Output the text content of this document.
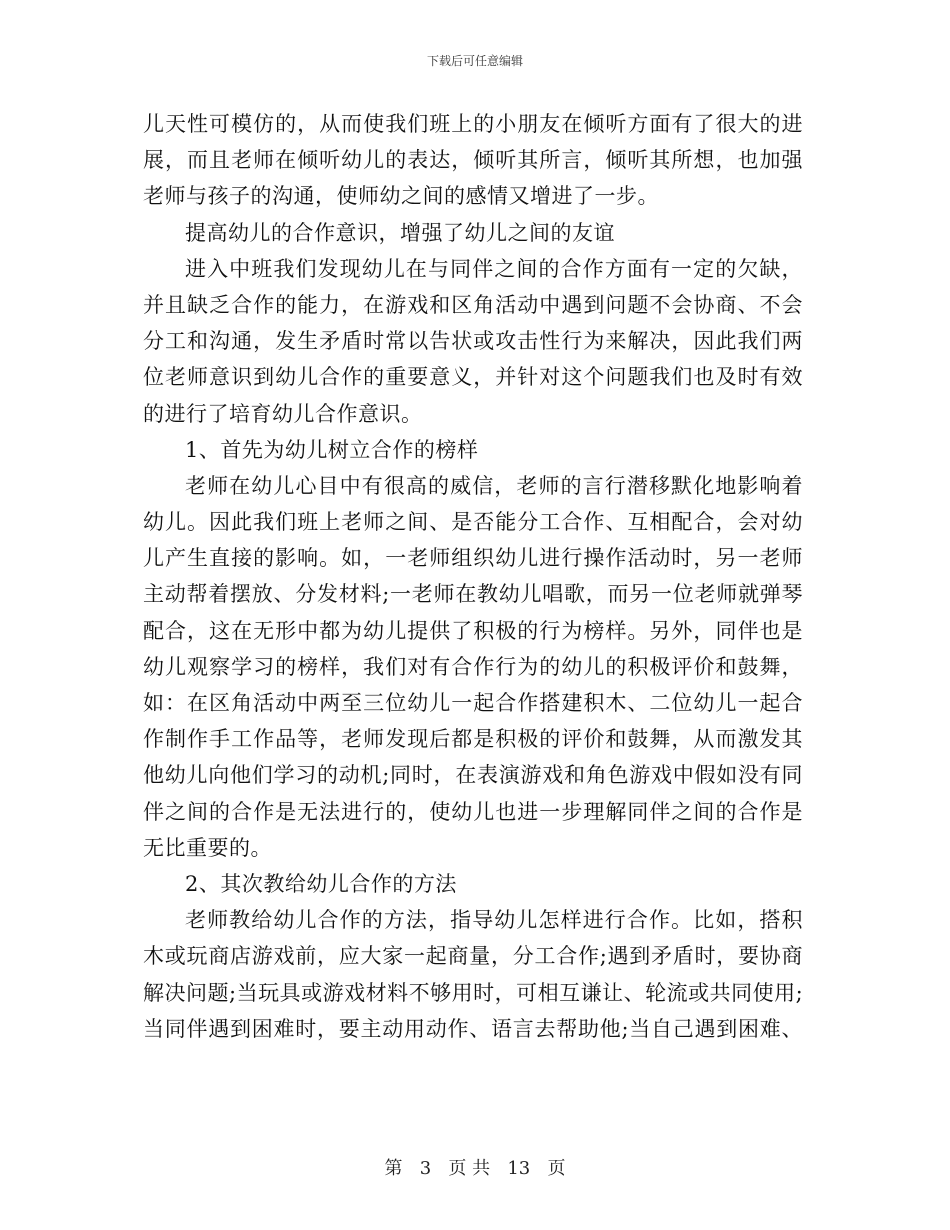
下载后可任意编辑
儿天性可模仿的，从而使我们班上的小朋友在倾听方面有了很大的进
展，而且老师在倾听幼儿的表达，倾听其所言，倾听其所想，也加强
老师与孩子的沟通，使师幼之间的感情又增进了一步。
提高幼儿的合作意识，增强了幼儿之间的友谊
进入中班我们发现幼儿在与同伴之间的合作方面有一定的欠缺，
并且缺乏合作的能力，在游戏和区角活动中遇到问题不会协商、不会
分工和沟通，发生矛盾时常以告状或攻击性行为来解决，因此我们两
位老师意识到幼儿合作的重要意义，并针对这个问题我们也及时有效
的进行了培育幼儿合作意识。
1、首先为幼儿树立合作的榜样
老师在幼儿心目中有很高的威信，老师的言行潜移默化地影响着
幼儿。因此我们班上老师之间、是否能分工合作、互相配合，会对幼
儿产生直接的影响。如，一老师组织幼儿进行操作活动时，另一老师
主动帮着摆放、分发材料;一老师在教幼儿唱歌，而另一位老师就弹琴
配合，这在无形中都为幼儿提供了积极的行为榜样。另外，同伴也是
幼儿观察学习的榜样，我们对有合作行为的幼儿的积极评价和鼓舞，
如：在区角活动中两至三位幼儿一起合作搭建积木、二位幼儿一起合
作制作手工作品等，老师发现后都是积极的评价和鼓舞，从而激发其
他幼儿向他们学习的动机;同时，在表演游戏和角色游戏中假如没有同
伴之间的合作是无法进行的，使幼儿也进一步理解同伴之间的合作是
无比重要的。
2、其次教给幼儿合作的方法
老师教给幼儿合作的方法，指导幼儿怎样进行合作。比如，搭积
木或玩商店游戏前，应大家一起商量，分工合作;遇到矛盾时，要协商
解决问题;当玩具或游戏材料不够用时，可相互谦让、轮流或共同使用;
当同伴遇到困难时，要主动用动作、语言去帮助他;当自己遇到困难、
第 3 页 共 13 页
